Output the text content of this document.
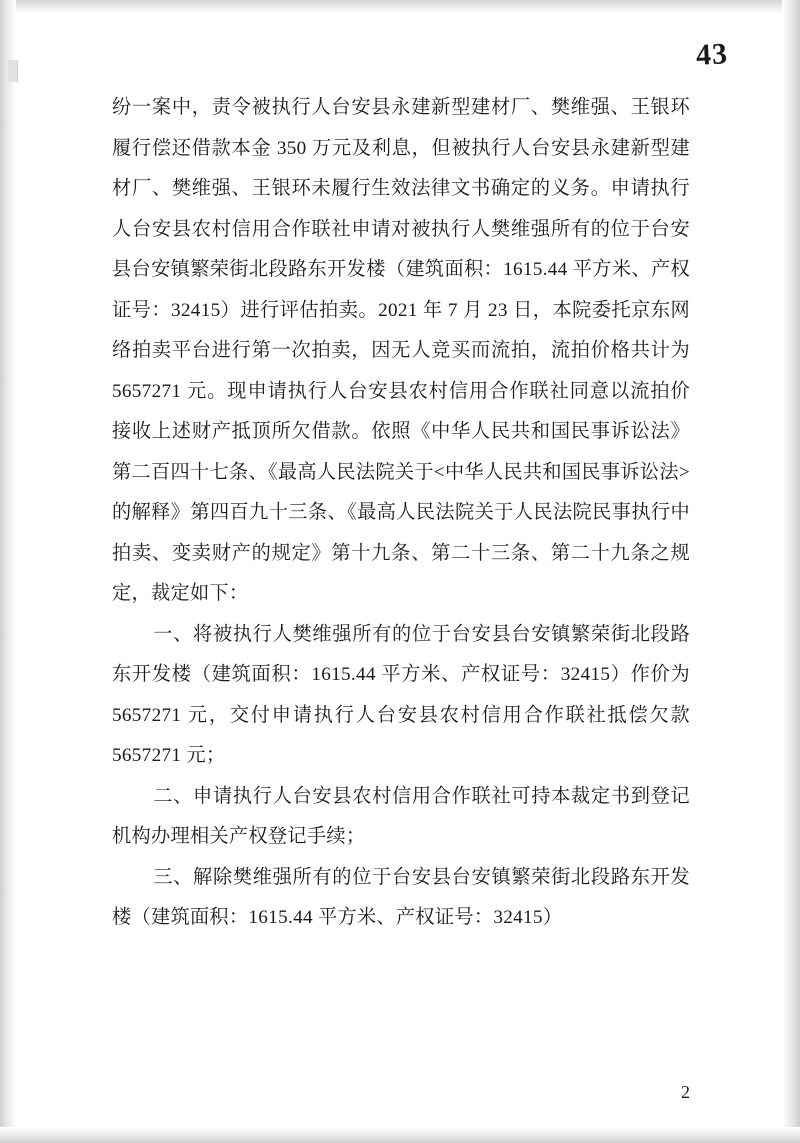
43

纷一案中，责令被执行人台安县永建新型建材厂、樊维强、王银环履行偿还借款本金 350 万元及利息，但被执行人台安县永建新型建材厂、樊维强、王银环未履行生效法律文书确定的义务。申请执行人台安县农村信用合作联社申请对被执行人樊维强所有的位于台安县台安镇繁荣街北段路东开发楼（建筑面积：1615.44 平方米、产权证号：32415）进行评估拍卖。2021 年 7 月 23 日，本院委托京东网络拍卖平台进行第一次拍卖，因无人竞买而流拍，流拍价格共计为 5657271 元。现申请执行人台安县农村信用合作联社同意以流拍价接收上述财产抵顶所欠借款。依照《中华人民共和国民事诉讼法》第二百四十七条、《最高人民法院关于<中华人民共和国民事诉讼法>的解释》第四百九十三条、《最高人民法院关于人民法院民事执行中拍卖、变卖财产的规定》第十九条、第二十三条、第二十九条之规定，裁定如下：

一、将被执行人樊维强所有的位于台安县台安镇繁荣街北段路东开发楼（建筑面积：1615.44 平方米、产权证号：32415）作价为 5657271 元，交付申请执行人台安县农村信用合作联社抵偿欠款 5657271 元；

二、申请执行人台安县农村信用合作联社可持本裁定书到登记机构办理相关产权登记手续；

三、解除樊维强所有的位于台安县台安镇繁荣街北段路东开发楼（建筑面积：1615.44 平方米、产权证号：32415）

2
